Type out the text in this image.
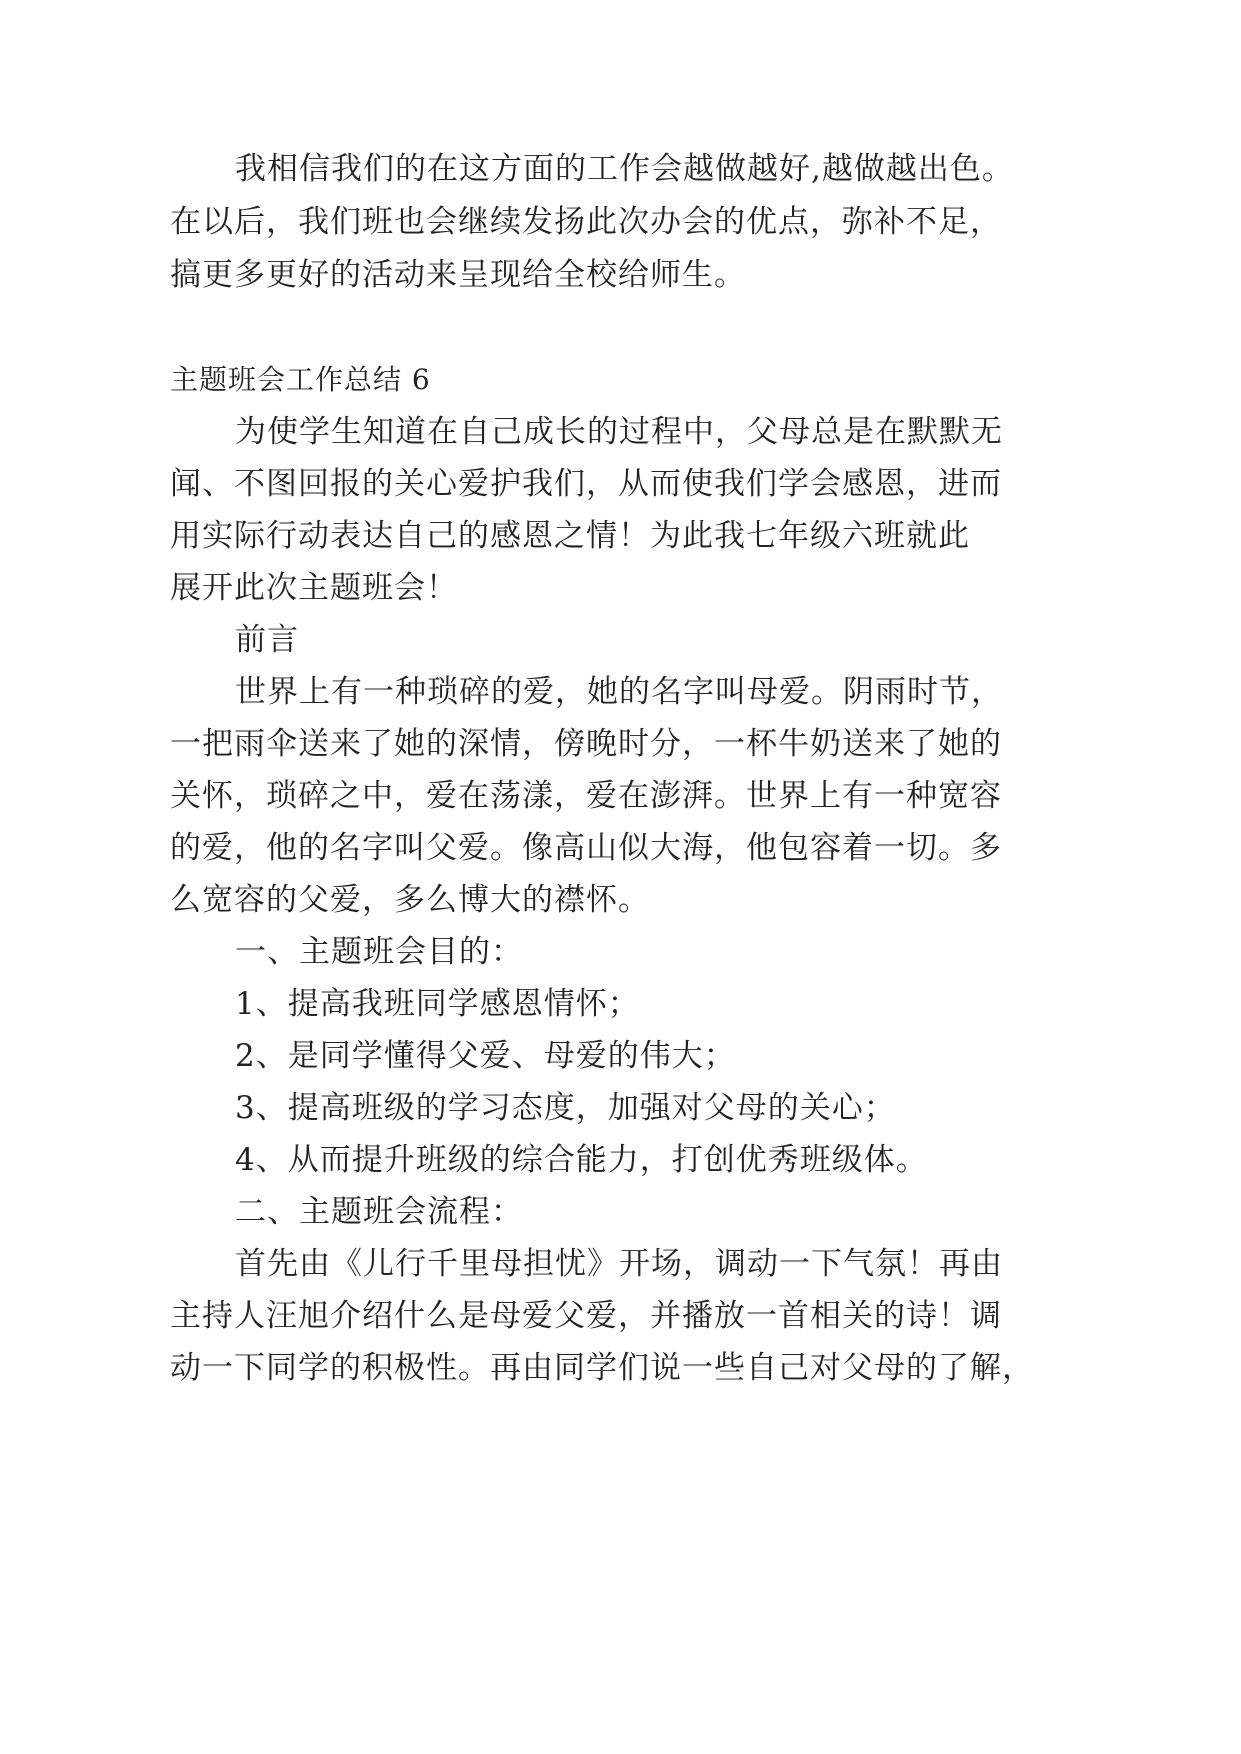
我相信我们的在这方面的工作会越做越好,越做越出色。
在以后，我们班也会继续发扬此次办会的优点，弥补不足，
搞更多更好的活动来呈现给全校给师生。
主题班会工作总结 6
为使学生知道在自己成长的过程中，父母总是在默默无
闻、不图回报的关心爱护我们，从而使我们学会感恩，进而
用实际行动表达自己的感恩之情！为此我七年级六班就此
展开此次主题班会！
前言
世界上有一种琐碎的爱，她的名字叫母爱。阴雨时节，
一把雨伞送来了她的深情，傍晚时分，一杯牛奶送来了她的
关怀，琐碎之中，爱在荡漾，爱在澎湃。世界上有一种宽容
的爱，他的名字叫父爱。像高山似大海，他包容着一切。多
么宽容的父爱，多么博大的襟怀。
一、主题班会目的：
1、提高我班同学感恩情怀；
2、是同学懂得父爱、母爱的伟大；
3、提高班级的学习态度，加强对父母的关心；
4、从而提升班级的综合能力，打创优秀班级体。
二、主题班会流程：
首先由《儿行千里母担忧》开场，调动一下气氛！再由
主持人汪旭介绍什么是母爱父爱，并播放一首相关的诗！调
动一下同学的积极性。再由同学们说一些自己对父母的了解，
